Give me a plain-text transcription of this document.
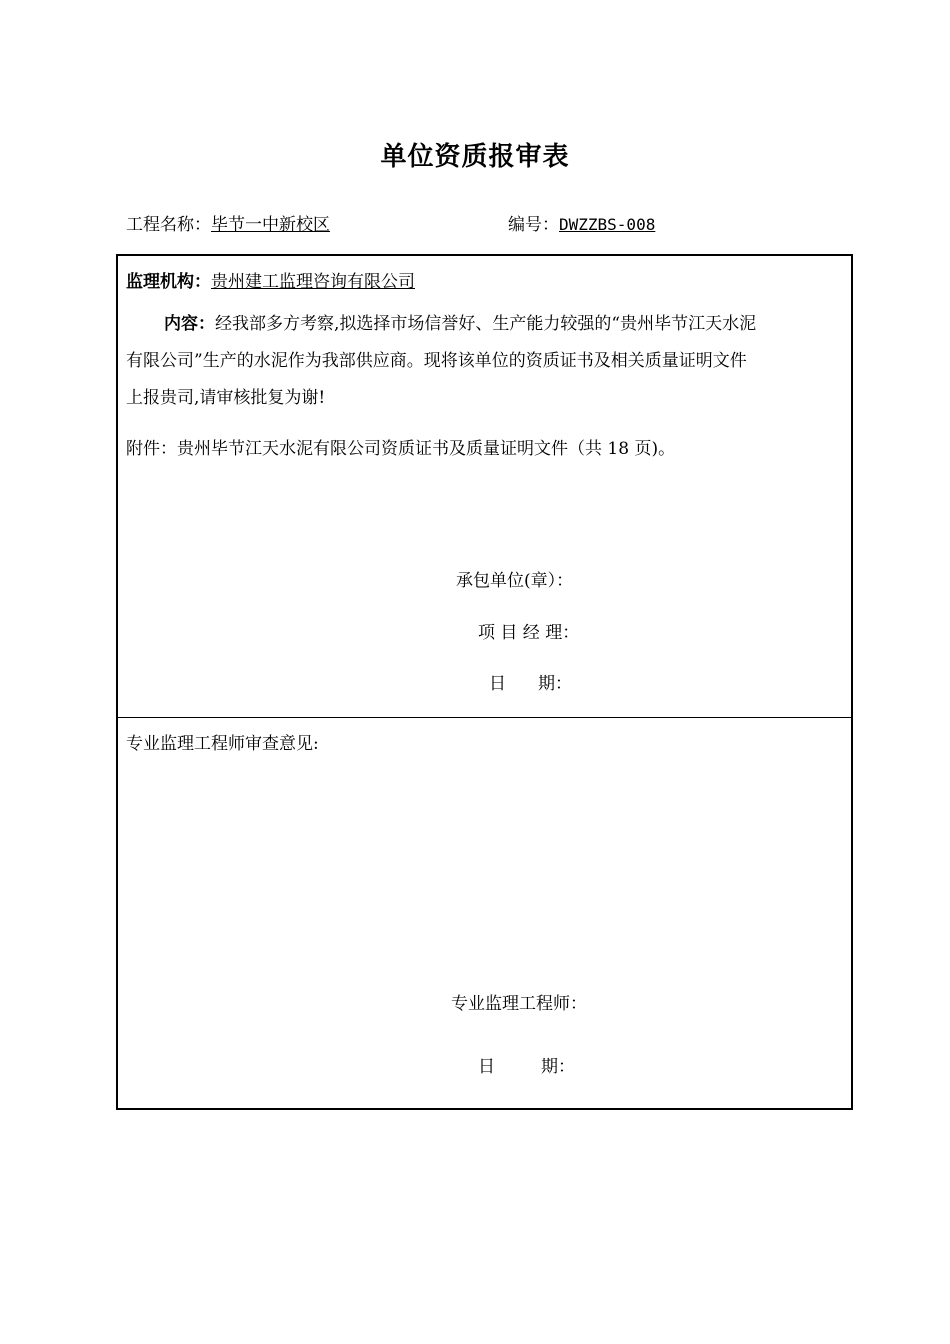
单位资质报审表
工程名称：毕节一中新校区	编号：DWZZBS-008
监理机构：贵州建工监理咨询有限公司
内容：经我部多方考察,拟选择市场信誉好、生产能力较强的“贵州毕节江天水泥
有限公司”生产的水泥作为我部供应商。现将该单位的资质证书及相关质量证明文件
上报贵司,请审核批复为谢!
附件：贵州毕节江天水泥有限公司资质证书及质量证明文件（共 18 页)。
承包单位(章）：
项 目 经 理：
日 期：
专业监理工程师审查意见:
专业监理工程师：
日	期：
